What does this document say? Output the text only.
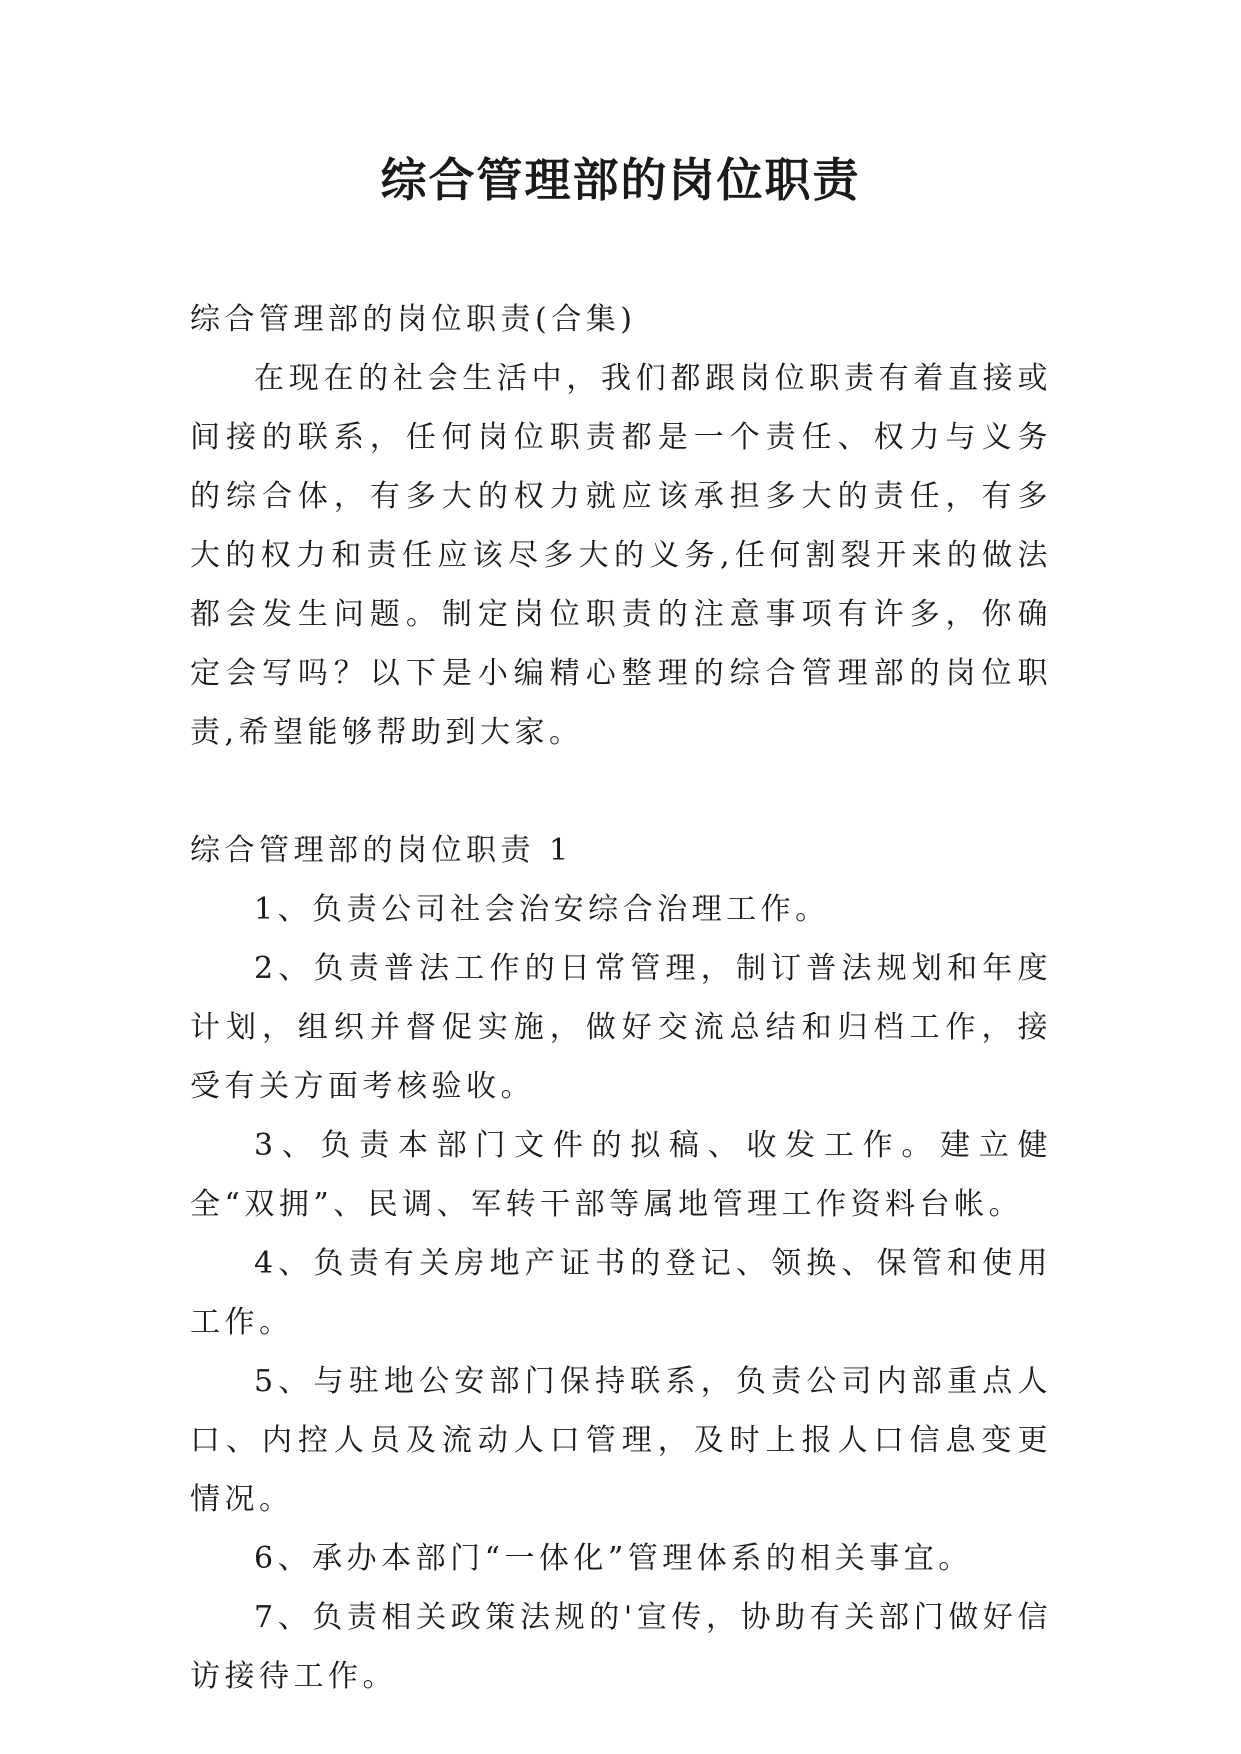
综合管理部的岗位职责

综合管理部的岗位职责(合集)

在现在的社会生活中，我们都跟岗位职责有着直接或间接的联系，任何岗位职责都是一个责任、权力与义务的综合体，有多大的权力就应该承担多大的责任，有多大的权力和责任应该尽多大的义务,任何割裂开来的做法都会发生问题。制定岗位职责的注意事项有许多，你确定会写吗？以下是小编精心整理的综合管理部的岗位职责,希望能够帮助到大家。

综合管理部的岗位职责 1

1、负责公司社会治安综合治理工作。

2、负责普法工作的日常管理，制订普法规划和年度计划，组织并督促实施，做好交流总结和归档工作，接受有关方面考核验收。

3、负责本部门文件的拟稿、收发工作。建立健全“双拥”、民调、军转干部等属地管理工作资料台帐。

4、负责有关房地产证书的登记、领换、保管和使用工作。

5、与驻地公安部门保持联系，负责公司内部重点人口、内控人员及流动人口管理，及时上报人口信息变更情况。

6、承办本部门“一体化”管理体系的相关事宜。

7、负责相关政策法规的'宣传，协助有关部门做好信访接待工作。
